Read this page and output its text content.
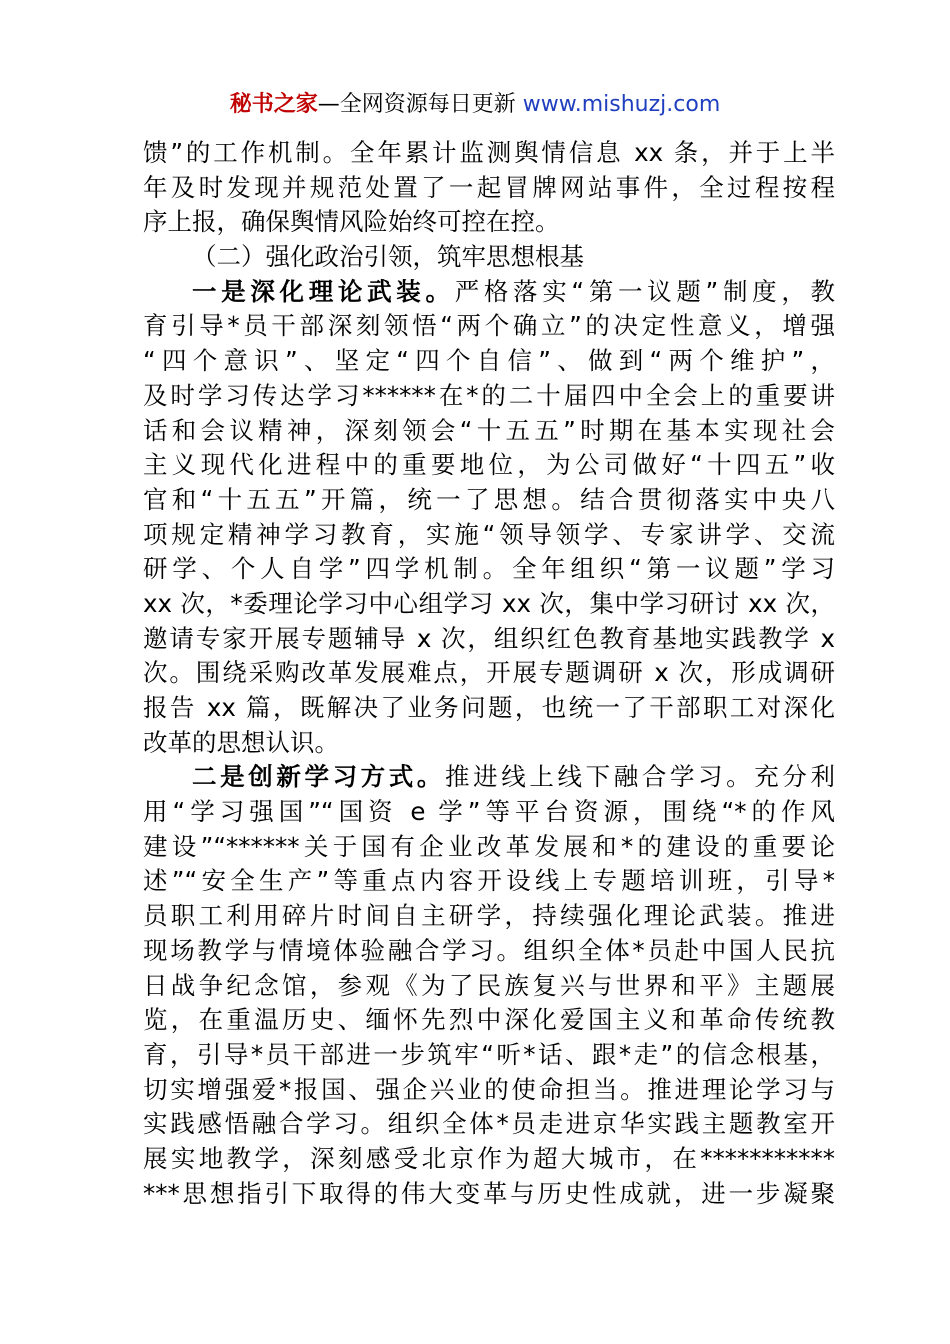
秘书之家—全网资源每日更新 www.mishuzj.com
馈”的工作机制。全年累计监测舆情信息 xx 条，并于上半
年及时发现并规范处置了一起冒牌网站事件，全过程按程
序上报，确保舆情风险始终可控在控。
（二）强化政治引领，筑牢思想根基
一是深化理论武装。严格落实“第一议题”制度，教
育引导*员干部深刻领悟“两个确立”的决定性意义，增强
“四个意识”、坚定“四个自信”、做到“两个维护”，
及时学习传达学习******在*的二十届四中全会上的重要讲
话和会议精神，深刻领会“十五五”时期在基本实现社会
主义现代化进程中的重要地位，为公司做好“十四五”收
官和“十五五”开篇，统一了思想。结合贯彻落实中央八
项规定精神学习教育，实施“领导领学、专家讲学、交流
研学、个人自学”四学机制。全年组织“第一议题”学习
xx 次，*委理论学习中心组学习 xx 次，集中学习研讨 xx 次，
邀请专家开展专题辅导 x 次，组织红色教育基地实践教学 x
次。围绕采购改革发展难点，开展专题调研 x 次，形成调研
报告 xx 篇，既解决了业务问题，也统一了干部职工对深化
改革的思想认识。
二是创新学习方式。推进线上线下融合学习。充分利
用“学习强国”“国资 e 学”等平台资源，围绕“*的作风
建设”“******关于国有企业改革发展和*的建设的重要论
述”“安全生产”等重点内容开设线上专题培训班，引导*
员职工利用碎片时间自主研学，持续强化理论武装。推进
现场教学与情境体验融合学习。组织全体*员赴中国人民抗
日战争纪念馆，参观《为了民族复兴与世界和平》主题展
览，在重温历史、缅怀先烈中深化爱国主义和革命传统教
育，引导*员干部进一步筑牢“听*话、跟*走”的信念根基，
切实增强爱*报国、强企兴业的使命担当。推进理论学习与
实践感悟融合学习。组织全体*员走进京华实践主题教室开
展实地教学，深刻感受北京作为超大城市，在***********
***思想指引下取得的伟大变革与历史性成就，进一步凝聚
